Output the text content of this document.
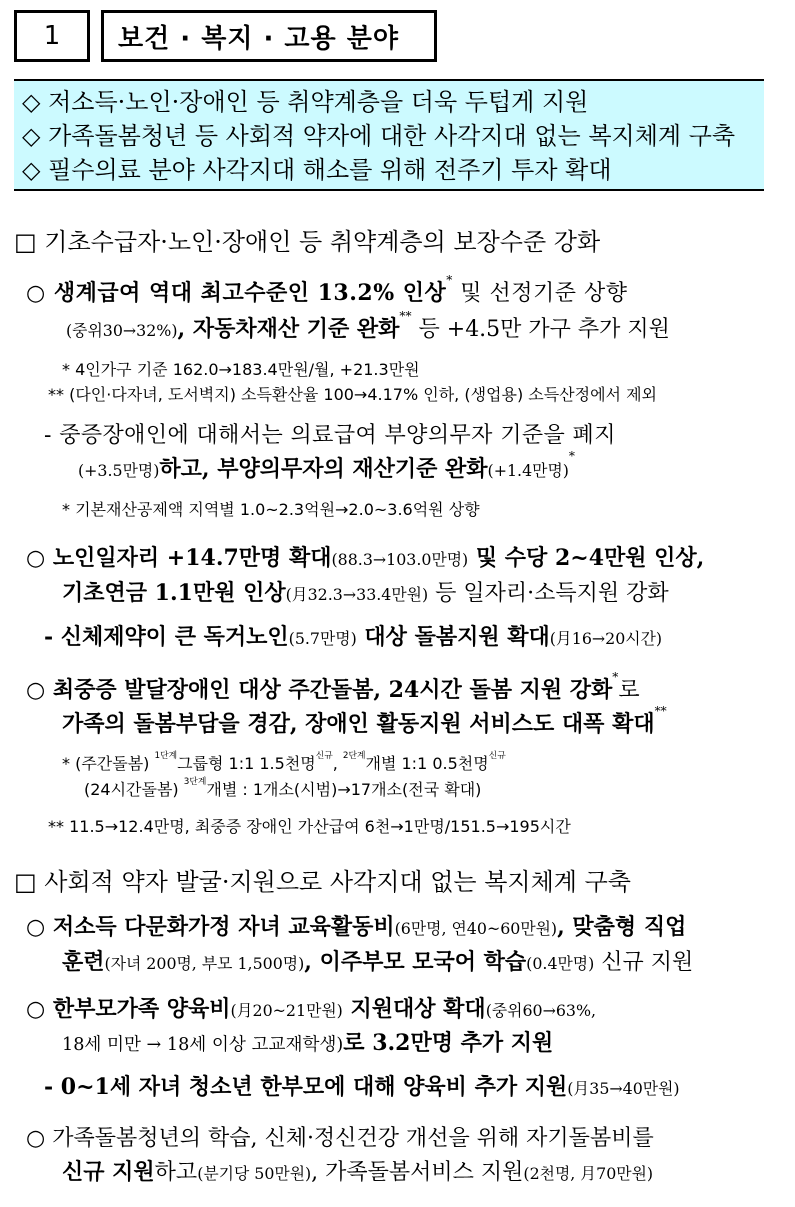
1 보건 · 복지 · 고용 분야
◇ 저소득·노인·장애인 등 취약계층을 더욱 두텁게 지원
◇ 가족돌봄청년 등 사회적 약자에 대한 사각지대 없는 복지체계 구축
◇ 필수의료 분야 사각지대 해소를 위해 전주기 투자 확대
□ 기초수급자·노인·장애인 등 취약계층의 보장수준 강화
○ 생계급여 역대 최고수준인 13.2% 인상* 및 선정기준 상향
(중위30→32%), 자동차재산 기준 완화** 등 +4.5만 가구 추가 지원
* 4인가구 기준 162.0→183.4만원/월, +21.3만원
** (다인·다자녀, 도서벽지) 소득환산율 100→4.17% 인하, (생업용) 소득산정에서 제외
- 중증장애인에 대해서는 의료급여 부양의무자 기준을 폐지
(+3.5만명)하고, 부양의무자의 재산기준 완화(+1.4만명)*
* 기본재산공제액 지역별 1.0~2.3억원→2.0~3.6억원 상향
○ 노인일자리 +14.7만명 확대(88.3→103.0만명) 및 수당 2~4만원 인상,
기초연금 1.1만원 인상(月32.3→33.4만원) 등 일자리·소득지원 강화
- 신체제약이 큰 독거노인(5.7만명) 대상 돌봄지원 확대(月16→20시간)
○ 최중증 발달장애인 대상 주간돌봄, 24시간 돌봄 지원 강화*로
가족의 돌봄부담을 경감, 장애인 활동지원 서비스도 대폭 확대**
* (주간돌봄) $^{1단계}$그룹형 1:1 1.5천명$^{신규}$, $^{2단계}$개별 1:1 0.5천명$^{신규}$
(24시간돌봄) $^{3단계}$개별 : 1개소(시범)→17개소(전국 확대)
** 11.5→12.4만명, 최중증 장애인 가산급여 6천→1만명/151.5→195시간
□ 사회적 약자 발굴·지원으로 사각지대 없는 복지체계 구축
○ 저소득 다문화가정 자녀 교육활동비(6만명, 연40~60만원), 맞춤형 직업
훈련(자녀 200명, 부모 1,500명), 이주부모 모국어 학습(0.4만명) 신규 지원
○ 한부모가족 양육비(月20~21만원) 지원대상 확대(중위60→63%,
18세 미만 → 18세 이상 고교재학생)로 3.2만명 추가 지원
- 0~1세 자녀 청소년 한부모에 대해 양육비 추가 지원(月35→40만원)
○ 가족돌봄청년의 학습, 신체·정신건강 개선을 위해 자기돌봄비를
신규 지원하고(분기당 50만원), 가족돌봄서비스 지원(2천명, 月70만원)
